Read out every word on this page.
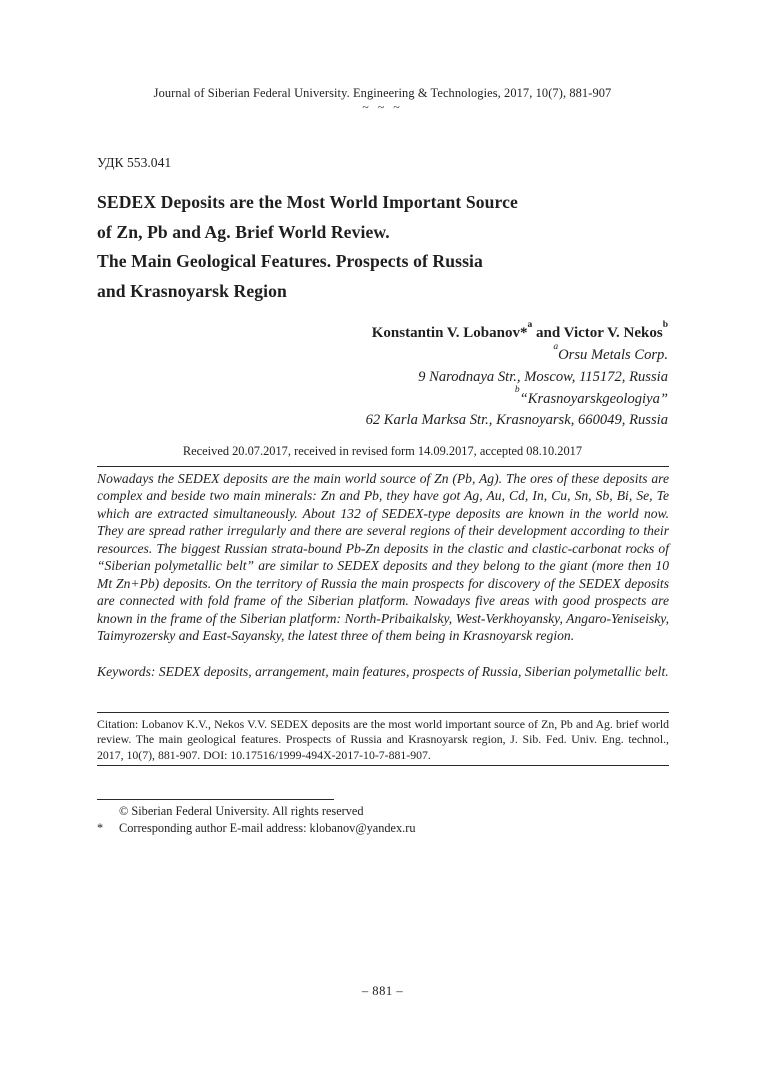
Journal of Siberian Federal University. Engineering & Technologies, 2017, 10(7), 881-907
~ ~ ~
УДК 553.041
SEDEX Deposits are the Most World Important Source
of Zn, Pb and Ag. Brief World Review.
The Main Geological Features. Prospects of Russia
and Krasnoyarsk Region
Konstantin V. Lobanov*$^a$ and Victor V. Nekos$^b$
$^a$Orsu Metals Corp.
9 Narodnaya Str., Moscow, 115172, Russia
$^b$“Krasnoyarskgeologiya”
62 Karla Marksa Str., Krasnoyarsk, 660049, Russia
Received 20.07.2017, received in revised form 14.09.2017, accepted 08.10.2017
Nowadays the SEDEX deposits are the main world source of Zn (Pb, Ag). The ores of these deposits are complex and beside two main minerals: Zn and Pb, they have got Ag, Au, Cd, In, Cu, Sn, Sb, Bi, Se, Te which are extracted simultaneously. About 132 of SEDEX-type deposits are known in the world now. They are spread rather irregularly and there are several regions of their development according to their resources. The biggest Russian strata-bound Pb-Zn deposits in the clastic and clastic-carbonat rocks of “Siberian polymetallic belt” are similar to SEDEX deposits and they belong to the giant (more then 10 Mt Zn+Pb) deposits. On the territory of Russia the main prospects for discovery of the SEDEX deposits are connected with fold frame of the Siberian platform. Nowadays five areas with good prospects are known in the frame of the Siberian platform: North-Pribaikalsky, West-Verkhoyansky, Angaro-Yeniseisky, Taimyrozersky and East-Sayansky, the latest three of them being in Krasnoyarsk region.
Keywords: SEDEX deposits, arrangement, main features, prospects of Russia, Siberian polymetallic belt.
Citation: Lobanov K.V., Nekos V.V. SEDEX deposits are the most world important source of Zn, Pb and Ag. brief world review. The main geological features. Prospects of Russia and Krasnoyarsk region, J. Sib. Fed. Univ. Eng. technol., 2017, 10(7), 881-907. DOI: 10.17516/1999-494X-2017-10-7-881-907.
© Siberian Federal University. All rights reserved
* Corresponding author E-mail address: klobanov@yandex.ru
– 881 –
